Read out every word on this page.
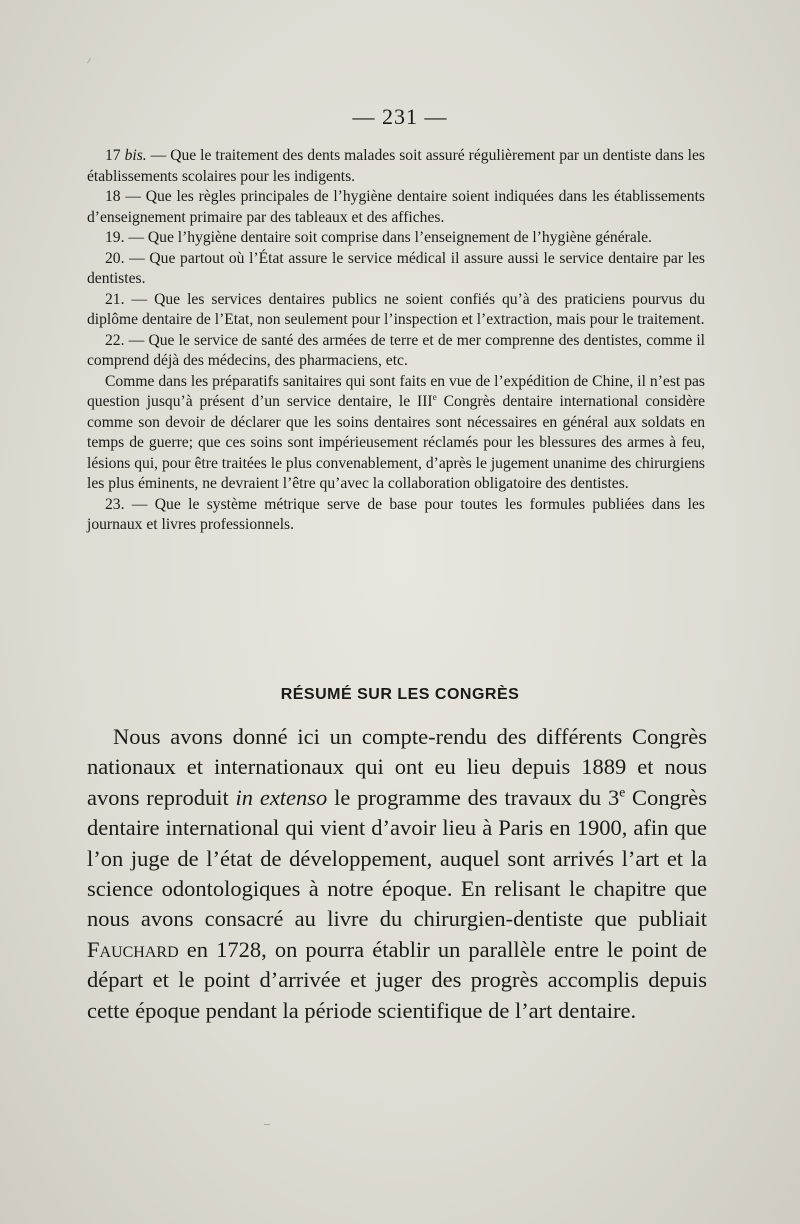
— 231 —

17 bis. — Que le traitement des dents malades soit assuré régulièrement par un dentiste dans les établissements scolaires pour les indigents.

18 — Que les règles principales de l’hygiène dentaire soient indiquées dans les établissements d’enseignement primaire par des tableaux et des affiches.

19. — Que l’hygiène dentaire soit comprise dans l’enseignement de l’hygiène générale.

20. — Que partout où l’État assure le service médical il assure aussi le service dentaire par les dentistes.

21. — Que les services dentaires publics ne soient confiés qu’à des praticiens pourvus du diplôme dentaire de l’Etat, non seulement pour l’inspection et l’extraction, mais pour le traitement.

22. — Que le service de santé des armées de terre et de mer comprenne des dentistes, comme il comprend déjà des médecins, des pharmaciens, etc.

Comme dans les préparatifs sanitaires qui sont faits en vue de l’expédition de Chine, il n’est pas question jusqu’à présent d’un service dentaire, le IIIe Congrès dentaire international considère comme son devoir de déclarer que les soins dentaires sont nécessaires en général aux soldats en temps de guerre; que ces soins sont impérieusement réclamés pour les blessures des armes à feu, lésions qui, pour être traitées le plus convenablement, d’après le jugement unanime des chirurgiens les plus éminents, ne devraient l’être qu’avec la collaboration obligatoire des dentistes.

23. — Que le système métrique serve de base pour toutes les formules publiées dans les journaux et livres professionnels.

RÉSUMÉ SUR LES CONGRÈS

Nous avons donné ici un compte-rendu des différents Congrès nationaux et internationaux qui ont eu lieu depuis 1889 et nous avons reproduit in extenso le programme des travaux du 3e Congrès dentaire international qui vient d’avoir lieu à Paris en 1900, afin que l’on juge de l’état de développement, auquel sont arrivés l’art et la science odontologiques à notre époque. En relisant le chapitre que nous avons consacré au livre du chirurgien-dentiste que publiait Fauchard en 1728, on pourra établir un parallèle entre le point de départ et le point d’arrivée et juger des progrès accomplis depuis cette époque pendant la période scientifique de l’art dentaire.
